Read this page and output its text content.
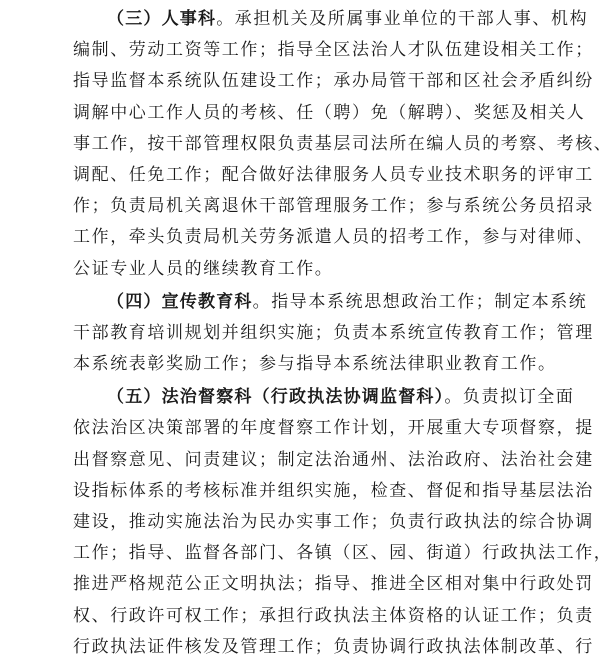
（三）人事科。承担机关及所属事业单位的干部人事、机构
编制、劳动工资等工作；指导全区法治人才队伍建设相关工作；
指导监督本系统队伍建设工作；承办局管干部和区社会矛盾纠纷
调解中心工作人员的考核、任（聘）免（解聘）、奖惩及相关人
事工作，按干部管理权限负责基层司法所在编人员的考察、考核、
调配、任免工作；配合做好法律服务人员专业技术职务的评审工
作；负责局机关离退休干部管理服务工作；参与系统公务员招录
工作，牵头负责局机关劳务派遣人员的招考工作，参与对律师、
公证专业人员的继续教育工作。
（四）宣传教育科。指导本系统思想政治工作；制定本系统
干部教育培训规划并组织实施；负责本系统宣传教育工作；管理
本系统表彰奖励工作；参与指导本系统法律职业教育工作。
（五）法治督察科（行政执法协调监督科）。负责拟订全面
依法治区决策部署的年度督察工作计划，开展重大专项督察，提
出督察意见、问责建议；制定法治通州、法治政府、法治社会建
设指标体系的考核标准并组织实施，检查、督促和指导基层法治
建设，推动实施法治为民办实事工作；负责行政执法的综合协调
工作；指导、监督各部门、各镇（区、园、街道）行政执法工作，
推进严格规范公正文明执法；指导、推进全区相对集中行政处罚
权、行政许可权工作；承担行政执法主体资格的认证工作；负责
行政执法证件核发及管理工作；负责协调行政执法体制改革、行
